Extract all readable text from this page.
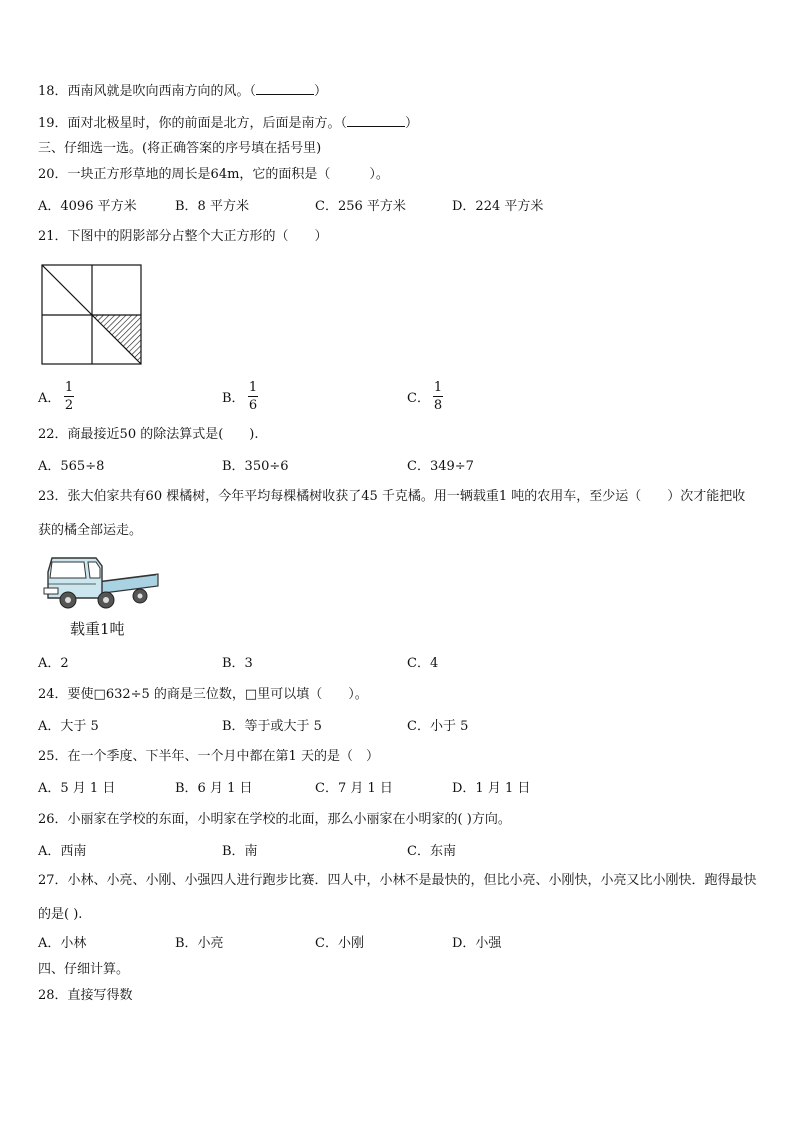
18．西南风就是吹向西南方向的风。（	）
19．面对北极星时，你的前面是北方，后面是南方。（	）
三、仔细选一选。(将正确答案的序号填在括号里)
20．一块正方形草地的周长是64m，它的面积是（　　　）。
A．4096 平方米	B．8 平方米	C．256 平方米	D．224 平方米
21．下图中的阴影部分占整个大正方形的（　　）
A．
1
2	B．
1
6	C．
1
8
22．商最接近50 的除法算式是(　　).
A．565÷8	B．350÷6	C．349÷7
23．张大伯家共有60 棵橘树，今年平均每棵橘树收获了45 千克橘。用一辆载重1 吨的农用车，至少运（　　）次才能把收获的橘全部运走。
载重1吨
A．2	B．3	C．4
24．要使□632÷5 的商是三位数，□里可以填（　　）。
A．大于 5	B．等于或大于 5	C．小于 5
25．在一个季度、下半年、一个月中都在第1 天的是（　）
A．5 月 1 日	B．6 月 1 日	C．7 月 1 日	D．1 月 1 日
26．小丽家在学校的东面，小明家在学校的北面，那么小丽家在小明家的( )方向。
A．西南	B．南	C．东南
27．小林、小亮、小刚、小强四人进行跑步比赛．四人中，小林不是最快的，但比小亮、小刚快，小亮又比小刚快．跑得最快的是( ).
A．小林	B．小亮	C．小刚	D．小强
四、仔细计算。
28．直接写得数
